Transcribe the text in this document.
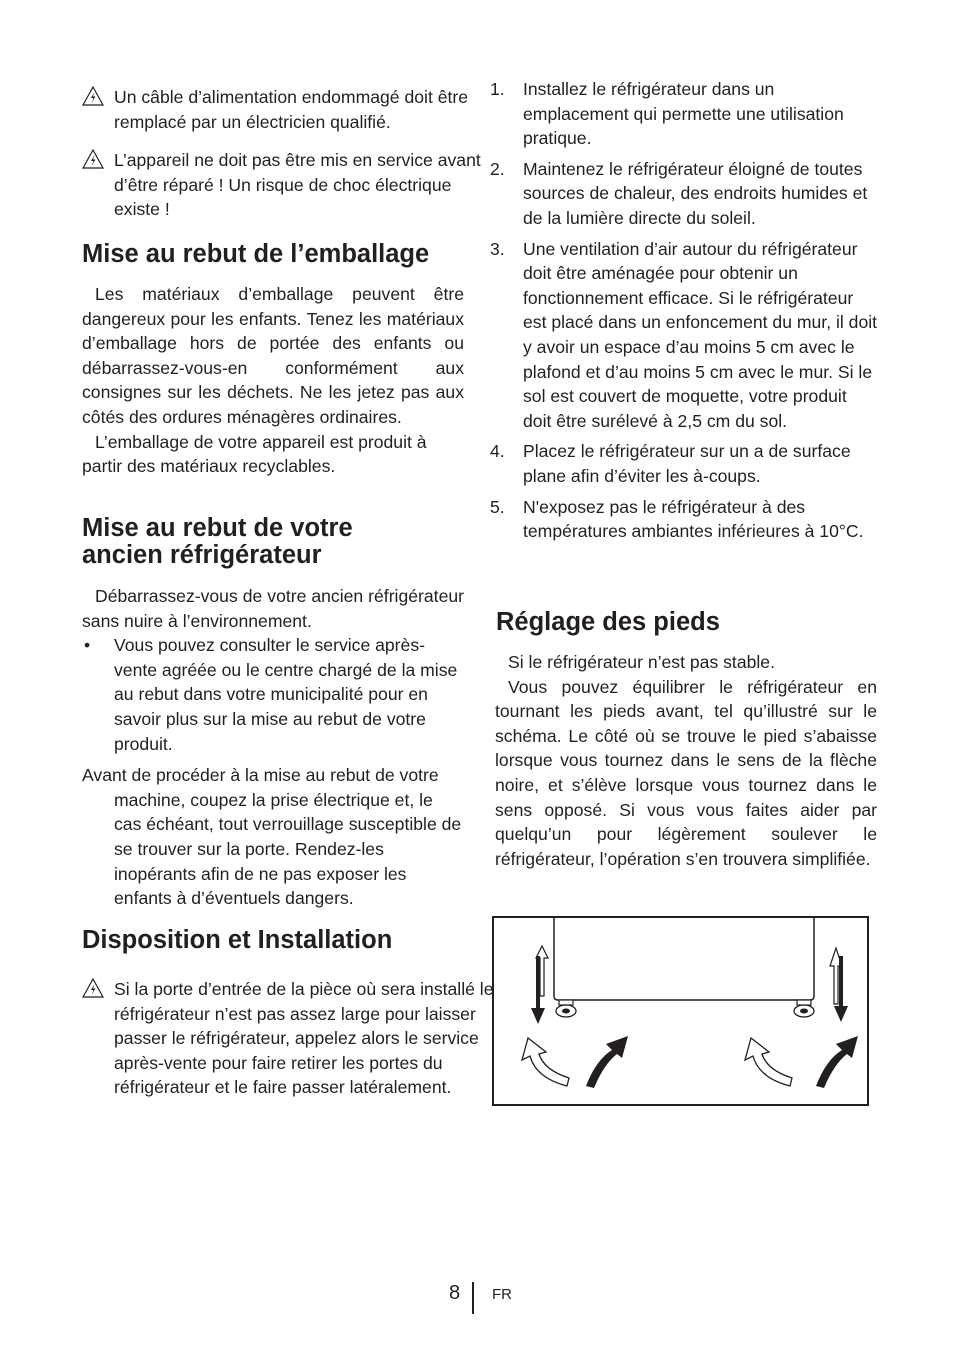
Un câble d’alimentation endommagé doit être remplacé par un électricien qualifié.
L’appareil ne doit pas être mis en service avant d’être réparé ! Un risque de choc électrique existe !
Mise au rebut de l’emballage

Les matériaux d’emballage peuvent être dangereux pour les enfants. Tenez les matériaux d’emballage hors de portée des enfants ou débarrassez-vous-en conformément aux consignes sur les déchets. Ne les jetez pas aux côtés des ordures ménagères ordinaires.

L’emballage de votre appareil est produit à partir des matériaux recyclables.

Mise au rebut de votre
ancien réfrigérateur

Débarrassez-vous de votre ancien réfrigérateur sans nuire à l’environnement.

• Vous pouvez consulter le service après-vente agréée ou le centre chargé de la mise au rebut dans votre municipalité pour en savoir plus sur la mise au rebut de votre produit.

Avant de procéder à la mise au rebut de votre machine, coupez la prise électrique et, le cas échéant, tout verrouillage susceptible de se trouver sur la porte. Rendez-les inopérants afin de ne pas exposer les enfants à d’éventuels dangers.

Disposition et Installation
Si la porte d’entrée de la pièce où sera installé le réfrigérateur n’est pas assez large pour laisser passer le réfrigérateur, appelez alors le service après-vente pour faire retirer les portes du réfrigérateur et le faire passer latéralement.
1. Installez le réfrigérateur dans un emplacement qui permette une utilisation pratique.
2. Maintenez le réfrigérateur éloigné de toutes sources de chaleur, des endroits humides et de la lumière directe du soleil.
3. Une ventilation d’air autour du réfrigérateur doit être aménagée pour obtenir un fonctionnement efficace. Si le réfrigérateur est placé dans un enfoncement du mur, il doit y avoir un espace d’au moins 5 cm avec le plafond et d’au moins 5 cm avec le mur. Si le sol est couvert de moquette, votre produit doit être surélevé à 2,5 cm du sol.
4. Placez le réfrigérateur sur un a de surface plane afin d’éviter les à-coups.
5. N'exposez pas le réfrigérateur à des températures ambiantes inférieures à 10°C.
Réglage des pieds

Si le réfrigérateur n’est pas stable.

Vous pouvez équilibrer le réfrigérateur en tournant les pieds avant, tel qu’illustré sur le schéma. Le côté où se trouve le pied s’abaisse lorsque vous tournez dans le sens de la flèche noire, et s’élève lorsque vous tournez dans le sens opposé. Si vous vous faites aider par quelqu’un pour légèrement soulever le réfrigérateur, l’opération s’en trouvera simplifiée.

8 FR
